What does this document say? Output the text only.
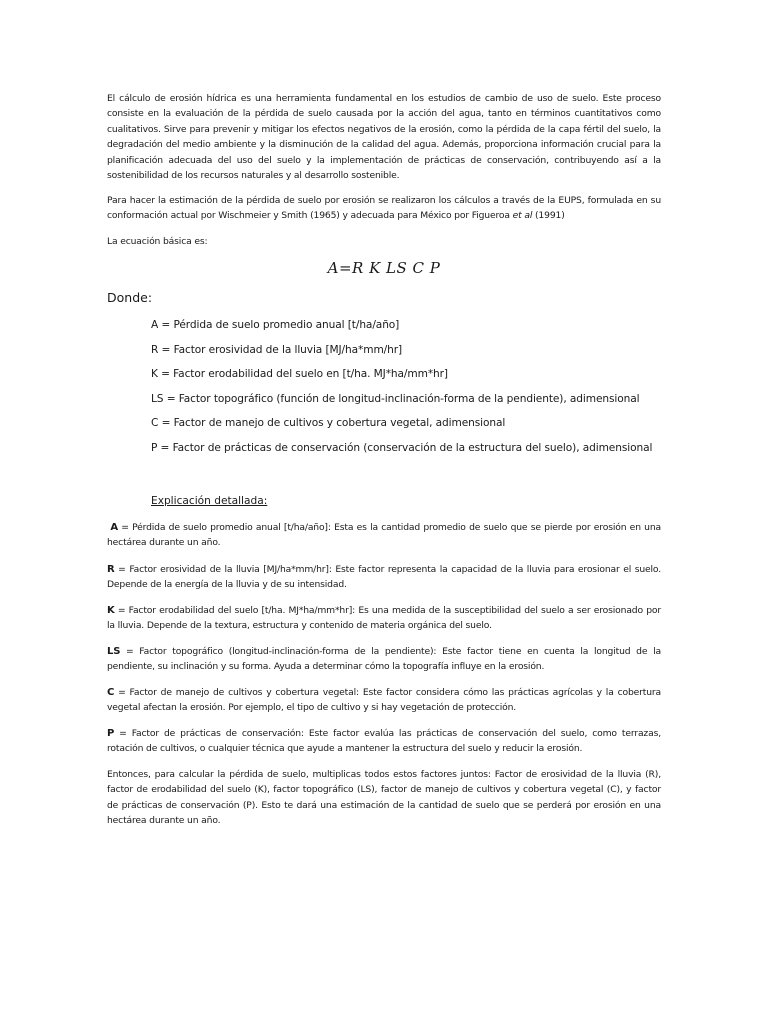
El cálculo de erosión hídrica es una herramienta fundamental en los estudios de cambio de uso de suelo. Este proceso consiste en la evaluación de la pérdida de suelo causada por la acción del agua, tanto en términos cuantitativos como cualitativos. Sirve para prevenir y mitigar los efectos negativos de la erosión, como la pérdida de la capa fértil del suelo, la degradación del medio ambiente y la disminución de la calidad del agua. Además, proporciona información crucial para la planificación adecuada del uso del suelo y la implementación de prácticas de conservación, contribuyendo así a la sostenibilidad de los recursos naturales y al desarrollo sostenible.
Para hacer la estimación de la pérdida de suelo por erosión se realizaron los cálculos a través de la EUPS, formulada en su conformación actual por Wischmeier y Smith (1965) y adecuada para México por Figueroa et al (1991)
La ecuación básica es:
A=R K LS C P
Donde:
A = Pérdida de suelo promedio anual [t/ha/año]
R = Factor erosividad de la lluvia [MJ/ha*mm/hr]
K = Factor erodabilidad del suelo en [t/ha. MJ*ha/mm*hr]
LS = Factor topográfico (función de longitud-inclinación-forma de la pendiente), adimensional
C = Factor de manejo de cultivos y cobertura vegetal, adimensional
P = Factor de prácticas de conservación (conservación de la estructura del suelo), adimensional
Explicación detallada:
A = Pérdida de suelo promedio anual [t/ha/año]: Esta es la cantidad promedio de suelo que se pierde por erosión en una hectárea durante un año.
R = Factor erosividad de la lluvia [MJ/ha*mm/hr]: Este factor representa la capacidad de la lluvia para erosionar el suelo. Depende de la energía de la lluvia y de su intensidad.
K = Factor erodabilidad del suelo [t/ha. MJ*ha/mm*hr]: Es una medida de la susceptibilidad del suelo a ser erosionado por la lluvia. Depende de la textura, estructura y contenido de materia orgánica del suelo.
LS = Factor topográfico (longitud-inclinación-forma de la pendiente): Este factor tiene en cuenta la longitud de la pendiente, su inclinación y su forma. Ayuda a determinar cómo la topografía influye en la erosión.
C = Factor de manejo de cultivos y cobertura vegetal: Este factor considera cómo las prácticas agrícolas y la cobertura vegetal afectan la erosión. Por ejemplo, el tipo de cultivo y si hay vegetación de protección.
P = Factor de prácticas de conservación: Este factor evalúa las prácticas de conservación del suelo, como terrazas, rotación de cultivos, o cualquier técnica que ayude a mantener la estructura del suelo y reducir la erosión.
Entonces, para calcular la pérdida de suelo, multiplicas todos estos factores juntos: Factor de erosividad de la lluvia (R), factor de erodabilidad del suelo (K), factor topográfico (LS), factor de manejo de cultivos y cobertura vegetal (C), y factor de prácticas de conservación (P). Esto te dará una estimación de la cantidad de suelo que se perderá por erosión en una hectárea durante un año.
